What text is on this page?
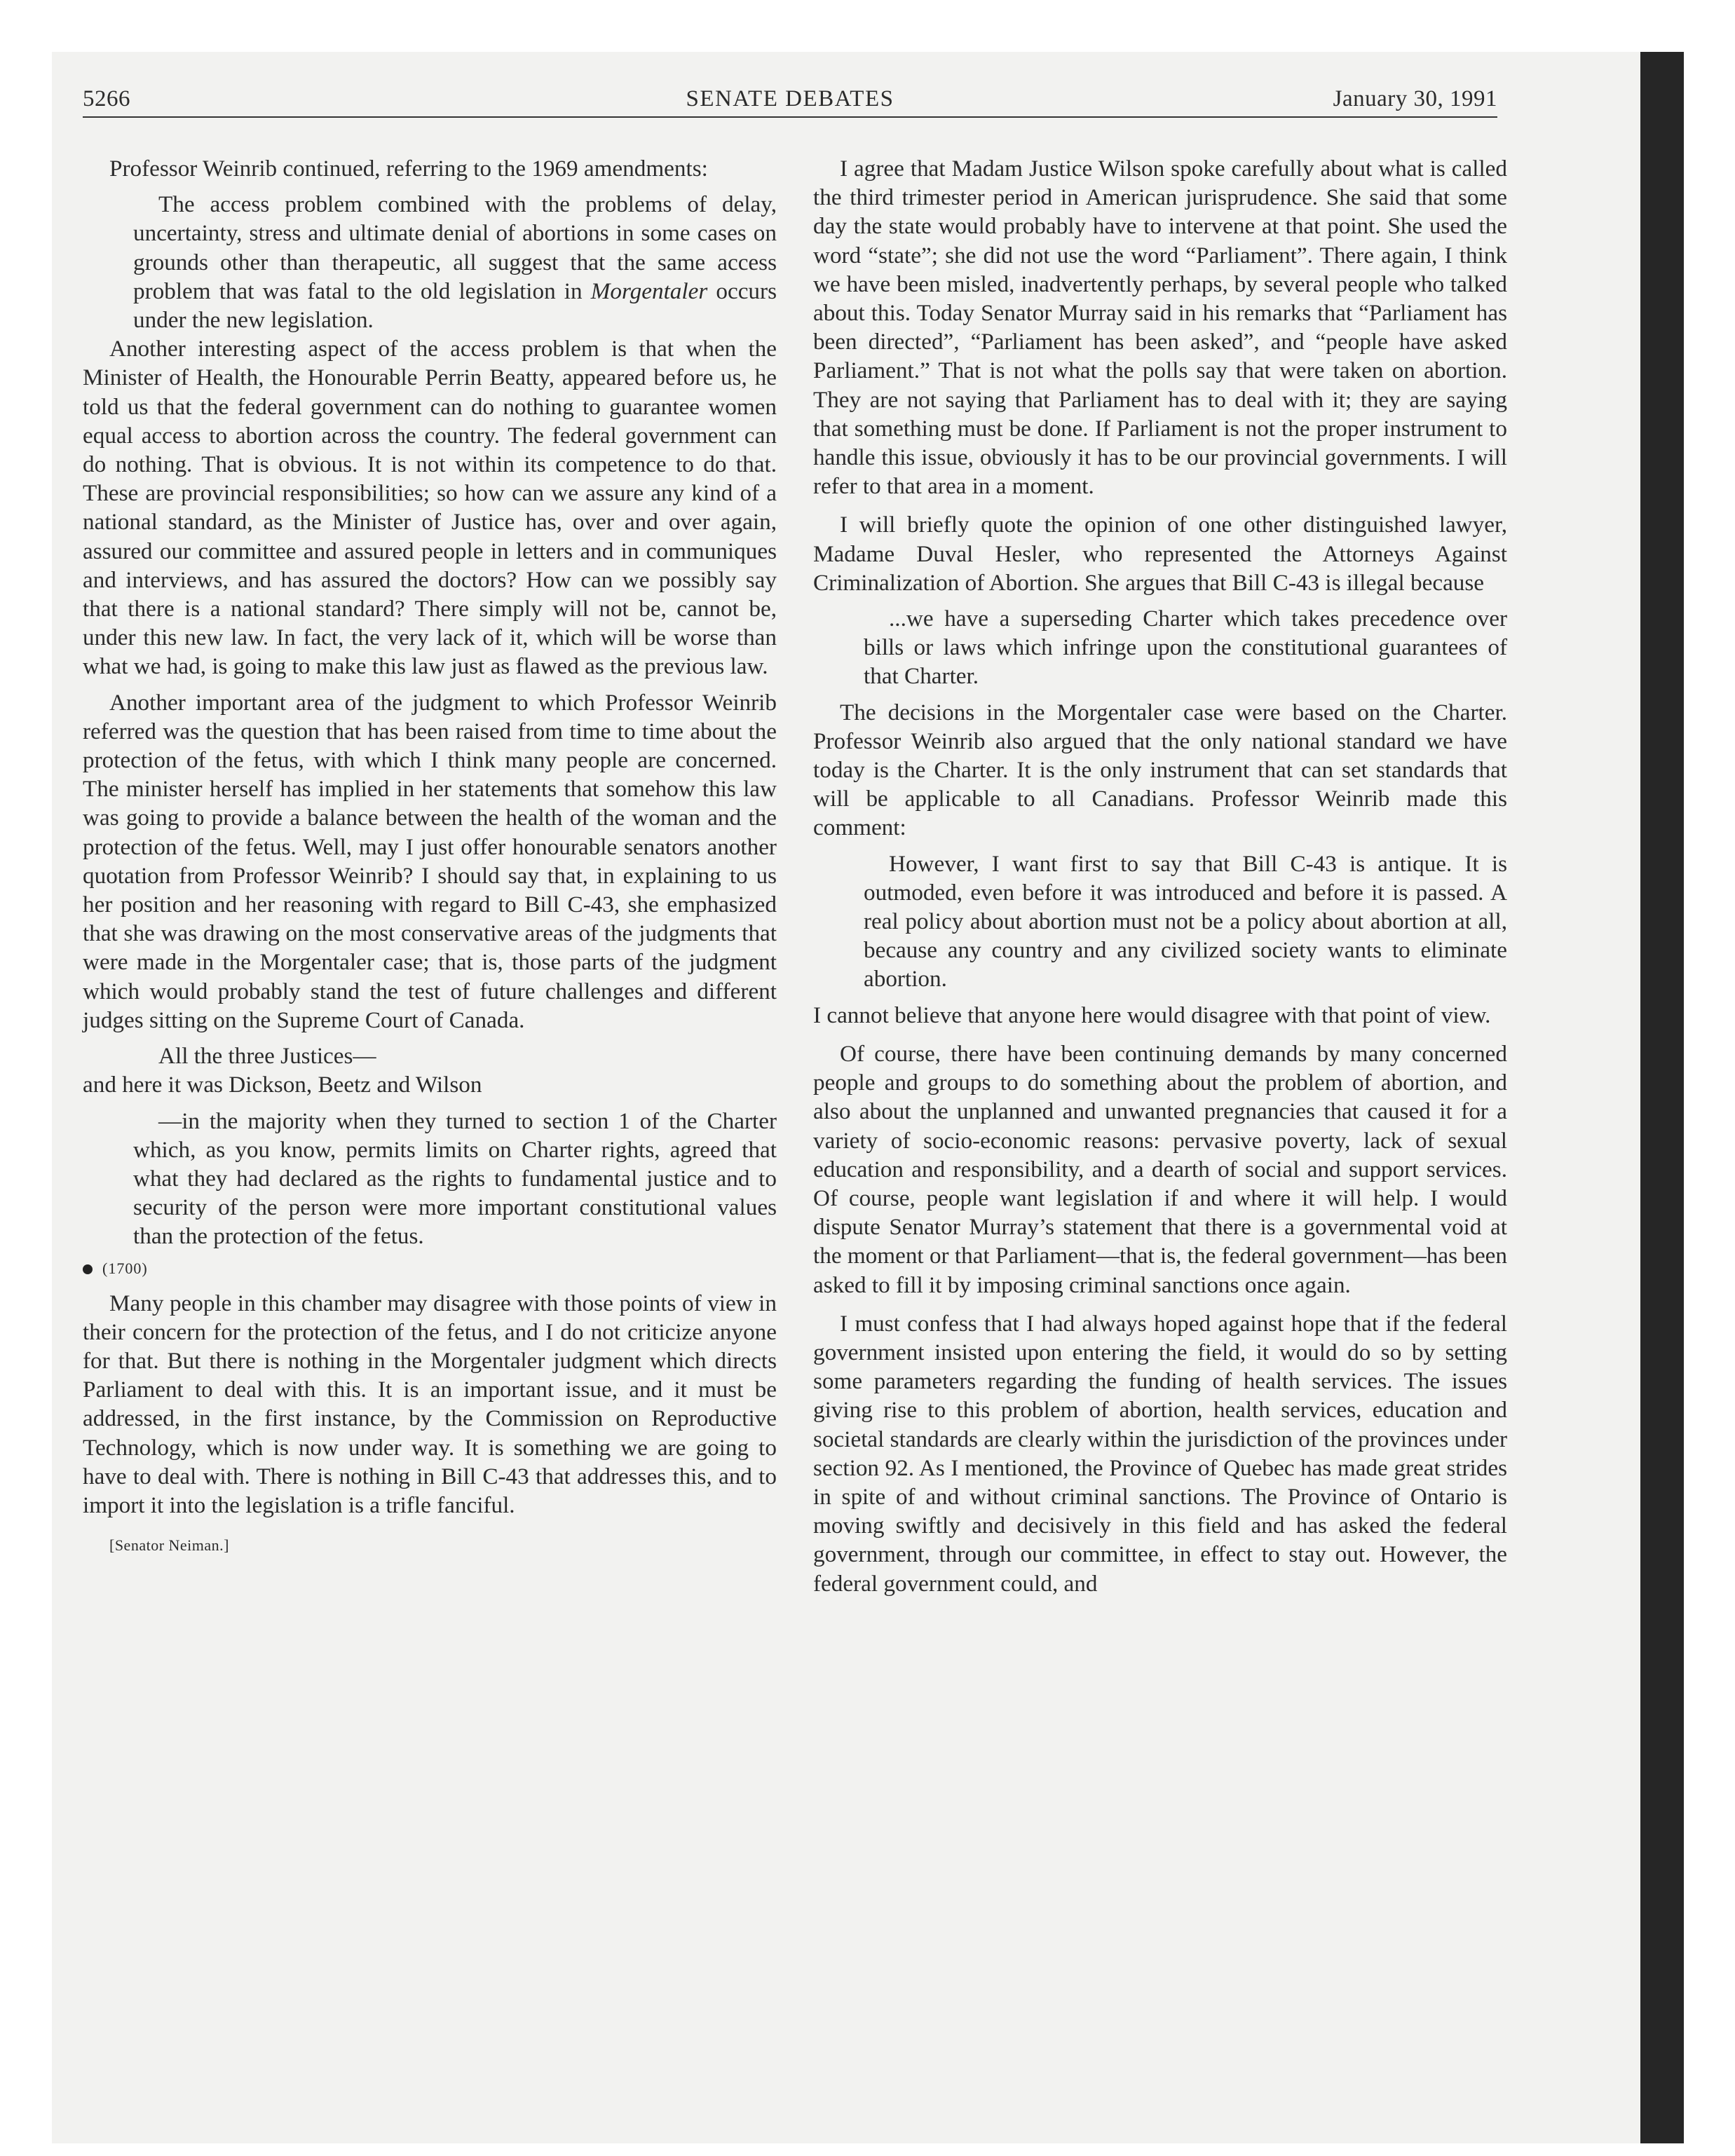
5266	SENATE DEBATES	January 30, 1991

Professor Weinrib continued, referring to the 1969 amendments:

The access problem combined with the problems of delay, uncertainty, stress and ultimate denial of abortions in some cases on grounds other than therapeutic, all suggest that the same access problem that was fatal to the old legislation in Morgentaler occurs under the new legislation.

Another interesting aspect of the access problem is that when the Minister of Health, the Honourable Perrin Beatty, appeared before us, he told us that the federal government can do nothing to guarantee women equal access to abortion across the country. The federal government can do nothing. That is obvious. It is not within its competence to do that. These are provincial responsibilities; so how can we assure any kind of a national standard, as the Minister of Justice has, over and over again, assured our committee and assured people in letters and in communiques and interviews, and has assured the doctors? How can we possibly say that there is a national standard? There simply will not be, cannot be, under this new law. In fact, the very lack of it, which will be worse than what we had, is going to make this law just as flawed as the previous law.

Another important area of the judgment to which Professor Weinrib referred was the question that has been raised from time to time about the protection of the fetus, with which I think many people are concerned. The minister herself has implied in her statements that somehow this law was going to provide a balance between the health of the woman and the protection of the fetus. Well, may I just offer honourable senators another quotation from Professor Weinrib? I should say that, in explaining to us her position and her reasoning with regard to Bill C-43, she emphasized that she was drawing on the most conservative areas of the judgments that were made in the Morgentaler case; that is, those parts of the judgment which would probably stand the test of future challenges and different judges sitting on the Supreme Court of Canada.

All the three Justices—

and here it was Dickson, Beetz and Wilson

—in the majority when they turned to section 1 of the Charter which, as you know, permits limits on Charter rights, agreed that what they had declared as the rights to fundamental justice and to security of the person were more important constitutional values than the protection of the fetus.

(1700)

Many people in this chamber may disagree with those points of view in their concern for the protection of the fetus, and I do not criticize anyone for that. But there is nothing in the Morgentaler judgment which directs Parliament to deal with this. It is an important issue, and it must be addressed, in the first instance, by the Commission on Reproductive Technology, which is now under way. It is something we are going to have to deal with. There is nothing in Bill C-43 that addresses this, and to import it into the legislation is a trifle fanciful.

[Senator Neiman.]

I agree that Madam Justice Wilson spoke carefully about what is called the third trimester period in American jurisprudence. She said that some day the state would probably have to intervene at that point. She used the word “state”; she did not use the word “Parliament”. There again, I think we have been misled, inadvertently perhaps, by several people who talked about this. Today Senator Murray said in his remarks that “Parliament has been directed”, “Parliament has been asked”, and “people have asked Parliament.” That is not what the polls say that were taken on abortion. They are not saying that Parliament has to deal with it; they are saying that something must be done. If Parliament is not the proper instrument to handle this issue, obviously it has to be our provincial governments. I will refer to that area in a moment.

I will briefly quote the opinion of one other distinguished lawyer, Madame Duval Hesler, who represented the Attorneys Against Criminalization of Abortion. She argues that Bill C-43 is illegal because

...we have a superseding Charter which takes precedence over bills or laws which infringe upon the constitutional guarantees of that Charter.

The decisions in the Morgentaler case were based on the Charter. Professor Weinrib also argued that the only national standard we have today is the Charter. It is the only instrument that can set standards that will be applicable to all Canadians. Professor Weinrib made this comment:

However, I want first to say that Bill C-43 is antique. It is outmoded, even before it was introduced and before it is passed. A real policy about abortion must not be a policy about abortion at all, because any country and any civilized society wants to eliminate abortion.

I cannot believe that anyone here would disagree with that point of view.

Of course, there have been continuing demands by many concerned people and groups to do something about the problem of abortion, and also about the unplanned and unwanted pregnancies that caused it for a variety of socio-economic reasons: pervasive poverty, lack of sexual education and responsibility, and a dearth of social and support services. Of course, people want legislation if and where it will help. I would dispute Senator Murray’s statement that there is a governmental void at the moment or that Parliament—that is, the federal government—has been asked to fill it by imposing criminal sanctions once again.

I must confess that I had always hoped against hope that if the federal government insisted upon entering the field, it would do so by setting some parameters regarding the funding of health services. The issues giving rise to this problem of abortion, health services, education and societal standards are clearly within the jurisdiction of the provinces under section 92. As I mentioned, the Province of Quebec has made great strides in spite of and without criminal sanctions. The Province of Ontario is moving swiftly and decisively in this field and has asked the federal government, through our committee, in effect to stay out. However, the federal government could, and
